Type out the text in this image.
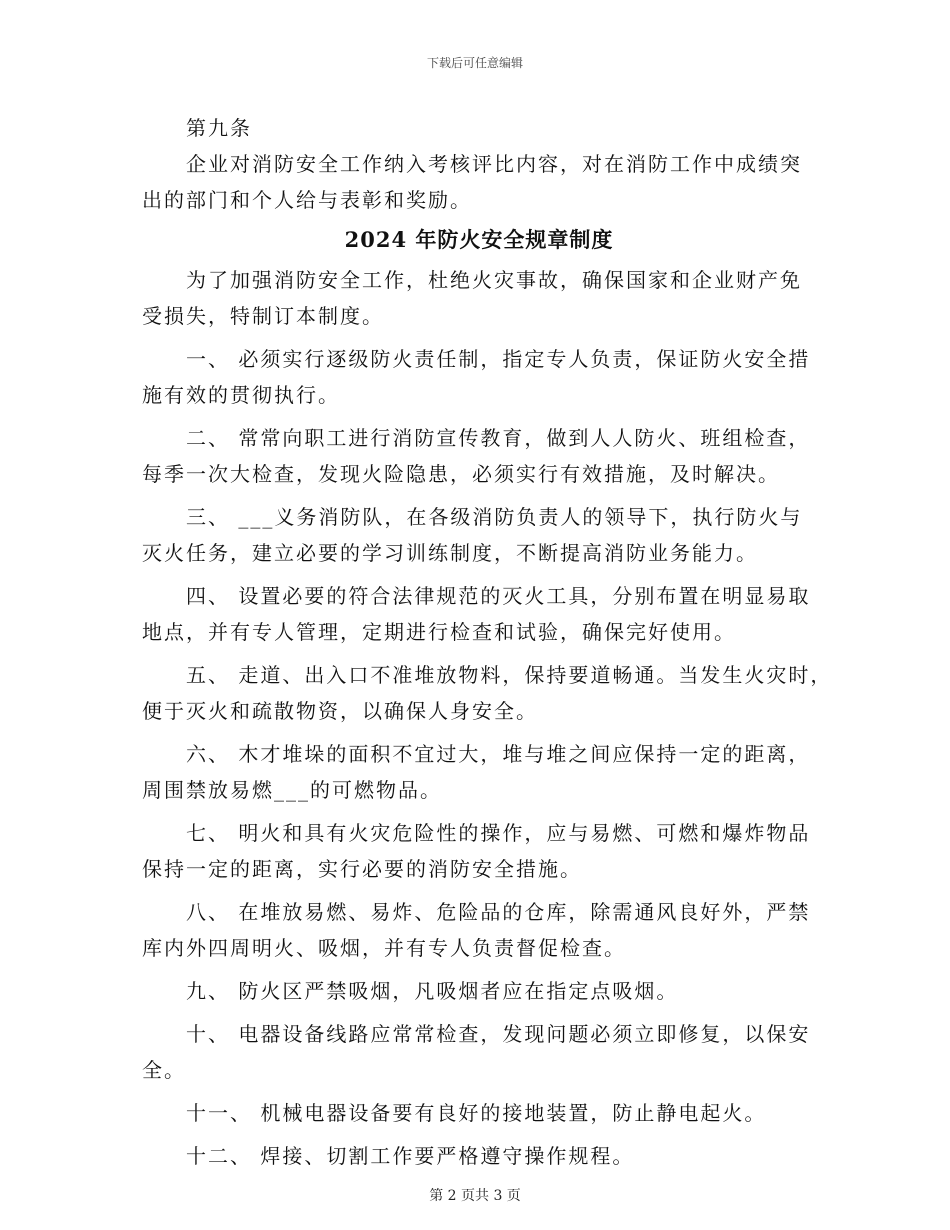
下载后可任意编辑
第九条
企业对消防安全工作纳入考核评比内容，对在消防工作中成绩突
出的部门和个人给与表彰和奖励。
2024 年防火安全规章制度
为了加强消防安全工作，杜绝火灾事故，确保国家和企业财产免
受损失，特制订本制度。
一、 必须实行逐级防火责任制，指定专人负责，保证防火安全措
施有效的贯彻执行。
二、 常常向职工进行消防宣传教育，做到人人防火、班组检查，
每季一次大检查，发现火险隐患，必须实行有效措施，及时解决。
三、 ___义务消防队，在各级消防负责人的领导下，执行防火与
灭火任务，建立必要的学习训练制度，不断提高消防业务能力。
四、 设置必要的符合法律规范的灭火工具，分别布置在明显易取
地点，并有专人管理，定期进行检查和试验，确保完好使用。
五、 走道、出入口不准堆放物料，保持要道畅通。当发生火灾时，
便于灭火和疏散物资，以确保人身安全。
六、 木才堆垛的面积不宜过大，堆与堆之间应保持一定的距离，
周围禁放易燃___的可燃物品。
七、 明火和具有火灾危险性的操作，应与易燃、可燃和爆炸物品
保持一定的距离，实行必要的消防安全措施。
八、 在堆放易燃、易炸、危险品的仓库，除需通风良好外，严禁
库内外四周明火、吸烟，并有专人负责督促检查。
九、 防火区严禁吸烟，凡吸烟者应在指定点吸烟。
十、 电器设备线路应常常检查，发现问题必须立即修复，以保安
全。
十一、 机械电器设备要有良好的接地装置，防止静电起火。
十二、 焊接、切割工作要严格遵守操作规程。
第 2 页共 3 页
